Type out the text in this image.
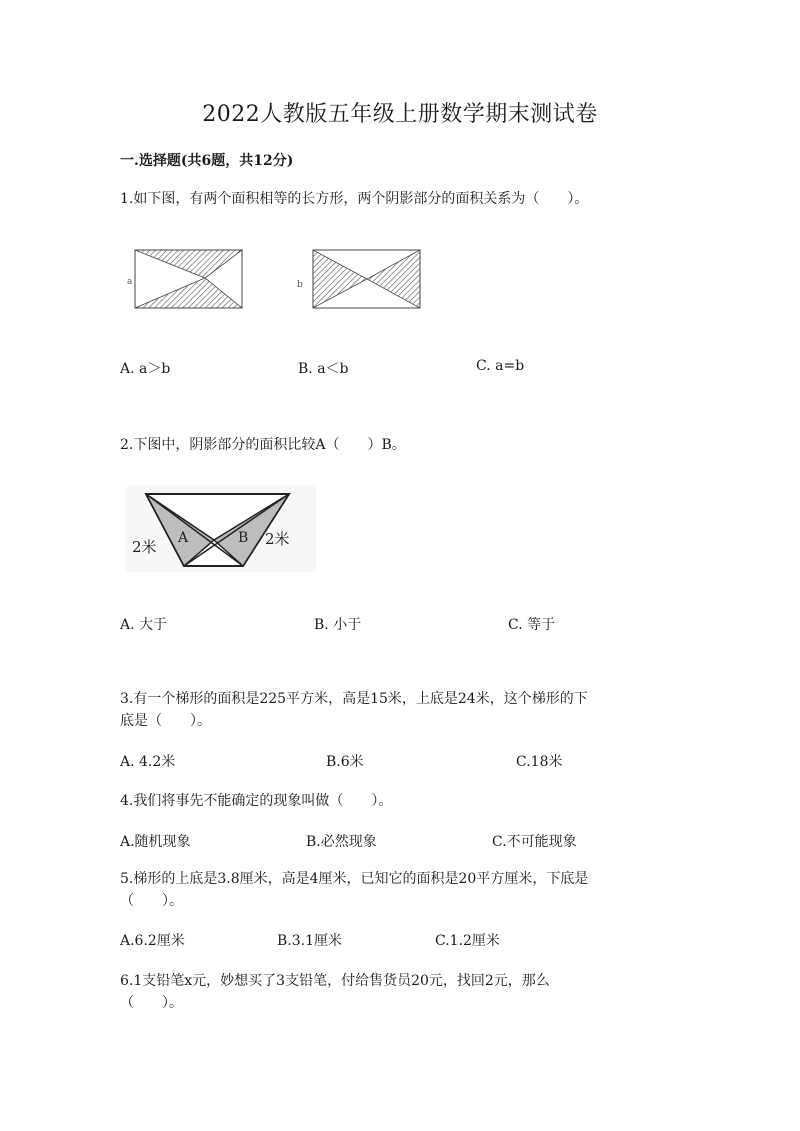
2022人教版五年级上册数学期末测试卷
一.选择题(共6题，共12分)
1.如下图，有两个面积相等的长方形，两个阴影部分的面积关系为（　　）。
a	b
A. a＞b	B. a＜b	C. a=b
2.下图中，阴影部分的面积比较A（　　）B。
2米 A	B 2米
A. 大于	B. 小于	C. 等于
3.有一个梯形的面积是225平方米，高是15米，上底是24米，这个梯形的下
底是（　　）。
A. 4.2米	B.6米	C.18米
4.我们将事先不能确定的现象叫做（　　）。
A.随机现象	B.必然现象	C.不可能现象
5.梯形的上底是3.8厘米，高是4厘米，已知它的面积是20平方厘米，下底是
（　　）。
A.6.2厘米	B.3.1厘米	C.1.2厘米
6.1支铅笔x元，妙想买了3支铅笔，付给售货员20元，找回2元，那么
（　　）。
